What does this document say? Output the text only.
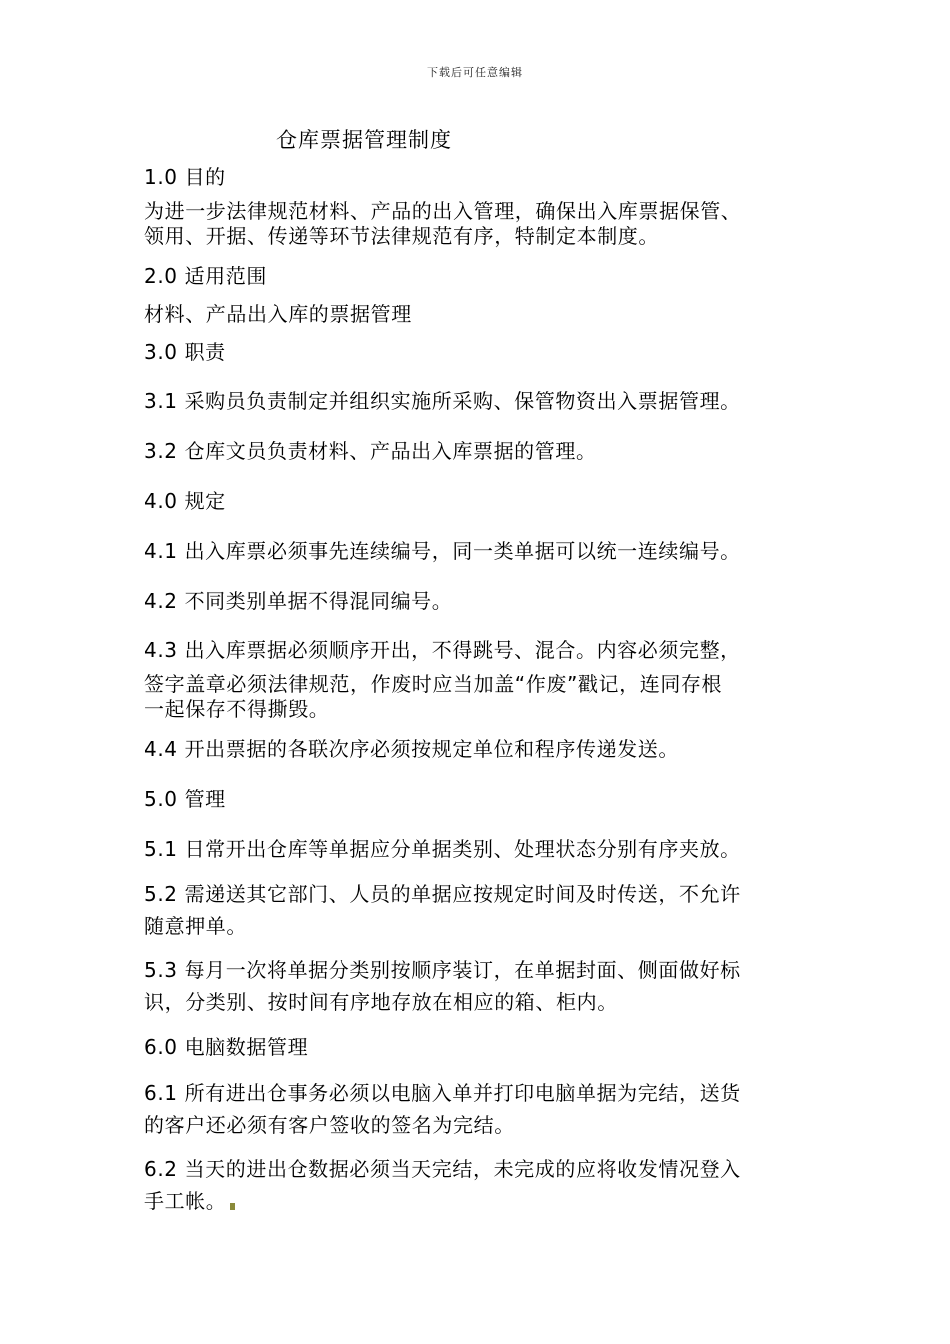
下载后可任意编辑
仓库票据管理制度
1.0 目的
为进一步法律规范材料、产品的出入管理，确保出入库票据保管、
领用、开据、传递等环节法律规范有序，特制定本制度。
2.0 适用范围
材料、产品出入库的票据管理
3.0 职责
3.1 采购员负责制定并组织实施所采购、保管物资出入票据管理。
3.2 仓库文员负责材料、产品出入库票据的管理。
4.0 规定
4.1 出入库票必须事先连续编号，同一类单据可以统一连续编号。
4.2 不同类别单据不得混同编号。
4.3 出入库票据必须顺序开出，不得跳号、混合。内容必须完整，
签字盖章必须法律规范，作废时应当加盖“作废”戳记，连同存根
一起保存不得撕毁。
4.4 开出票据的各联次序必须按规定单位和程序传递发送。
5.0 管理
5.1 日常开出仓库等单据应分单据类别、处理状态分别有序夹放。
5.2 需递送其它部门、人员的单据应按规定时间及时传送，不允许
随意押单。
5.3 每月一次将单据分类别按顺序装订，在单据封面、侧面做好标
识，分类别、按时间有序地存放在相应的箱、柜内。
6.0 电脑数据管理
6.1 所有进出仓事务必须以电脑入单并打印电脑单据为完结，送货
的客户还必须有客户签收的签名为完结。
6.2 当天的进出仓数据必须当天完结，未完成的应将收发情况登入
手工帐。
